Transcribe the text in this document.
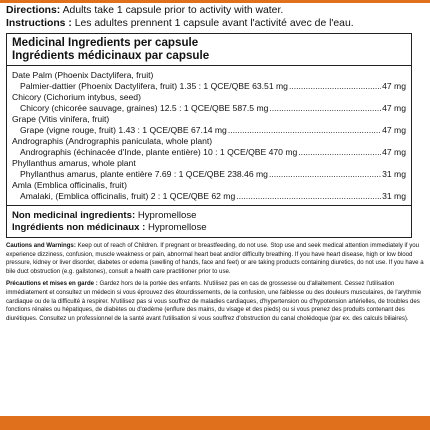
Directions: Adults take 1 capsule prior to activity with water.
Instructions : Les adultes prennent 1 capsule avant l'activité avec de l'eau.
Medicinal Ingredients per capsule
Ingrédients médicinaux par capsule
Date Palm (Phoenix Dactylifera, fruit)
Palmier-dattier (Phoenix Dactylifera, fruit) 1.35 : 1 QCE/QBE 63.51 mg .....	47 mg
Chicory (Cichorium intybus, seed)
Chicory (chicorée sauvage, graines) 12.5 : 1 QCE/QBE 587.5 mg .....	47 mg
Grape (Vitis vinifera, fruit)
Grape (vigne rouge, fruit) 1.43 : 1 QCE/QBE 67.14 mg .....	47 mg
Andrographis (Andrographis paniculata, whole plant)
Andrographis (échinacée d'Inde, plante entière) 10 : 1 QCE/QBE 470 mg .....	47 mg
Phyllanthus amarus, whole plant
Phyllanthus amarus, plante entière 7.69 : 1 QCE/QBE 238.46 mg .....	31 mg
Amla (Emblica officinalis, fruit)
Amalaki, (Emblica officinalis, fruit) 2 : 1 QCE/QBE 62 mg .....	31 mg
Non medicinal ingredients: Hypromellose
Ingrédients non médicinaux : Hypromellose
Cautions and Warnings: Keep out of reach of Children. If pregnant or breastfeeding, do not use. Stop use and seek medical attention immediately if you experience dizziness, confusion, muscle weakness or pain, abnormal heart beat and/or difficulty breathing. If you have heart disease, high or low blood pressure, kidney or liver disorder, diabetes or edema (swelling of hands, face and feet) or are taking products containing diuretics, do not use. If you have a bile duct obstruction (e.g. gallstones), consult a health care practitioner prior to use.
Précautions et mises en garde : Gardez hors de la portée des enfants. N'utilisez pas en cas de grossesse ou d'allaitement. Cessez l'utilisation immédiatement et consultez un médecin si vous éprouvez des étourdissements, de la confusion, une faiblesse ou des douleurs musculaires, de l'arythmie cardiaque ou de la difficulté à respirer. N'utilisez pas si vous souffrez de maladies cardiaques, d'hypertension ou d'hypotension artérielles, de troubles des fonctions rénales ou hépatiques, de diabètes ou d'œdème (enflure des mains, du visage et des pieds) ou si vous prenez des produits contenant des diurétiques. Consultez un professionnel de la santé avant l'utilisation si vous souffrez d'obstruction du canal cholédoque (par ex. des calculs biliaires).
